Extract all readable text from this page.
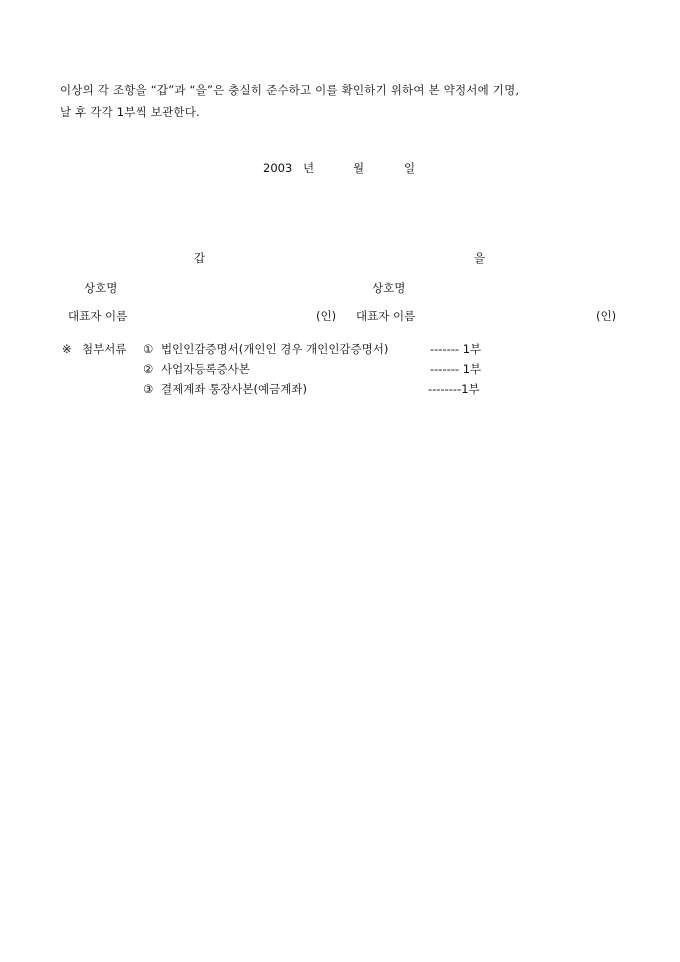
이상의 각 조항을 “갑”과 “을”은 충실히 준수하고 이를 확인하기 위하여 본 약정서에 기명,
날 후 각각 1부씩 보관한다.
2003 년	월	일
갑	을
상호명	상호명
대표자 이름	(인) 대표자 이름	(인)
※ 첨부서류 ① 법인인감증명서(개인인 경우 개인인감증명서)	------- 1부
② 사업자등록증사본	------- 1부
③ 결제계좌 통장사본(예금계좌)	--------1부
